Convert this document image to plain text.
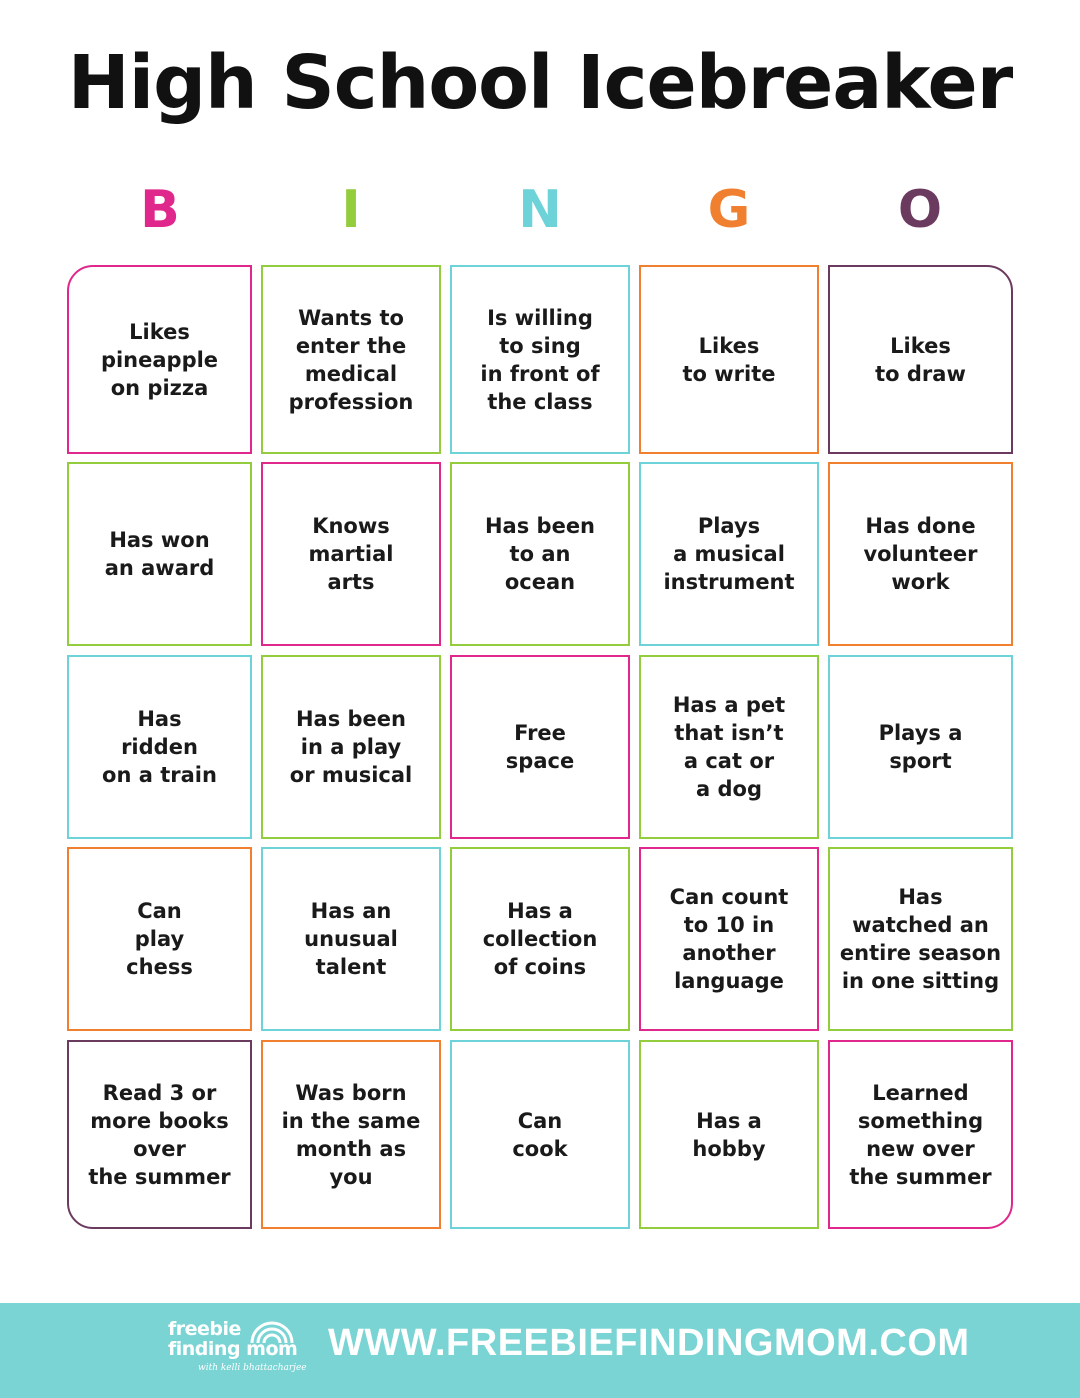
High School Icebreaker
B	I	N	G	O
Likes
pineapple
on pizza
Wants to
enter the
medical
profession
Is willing
to sing
in front of
the class
Likes
to write
Likes
to draw
Has won
an award
Knows
martial
arts
Has been
to an
ocean
Plays
a musical
instrument
Has done
volunteer
work
Has
ridden
on a train
Has been
in a play
or musical
Free
space
Has a pet
that isn’t
a cat or
a dog
Plays a
sport
Can
play
chess
Has an
unusual
talent
Has a
collection
of coins
Can count
to 10 in
another
language
Has
watched an
entire season
in one sitting
Read 3 or
more books
over
the summer
Was born
in the same
month as
you
Can
cook
Has a
hobby
Learned
something
new over
the summer
freebie
finding mom
with kelli bhattacharjee
WWW.FREEBIEFINDINGMOM.COM
